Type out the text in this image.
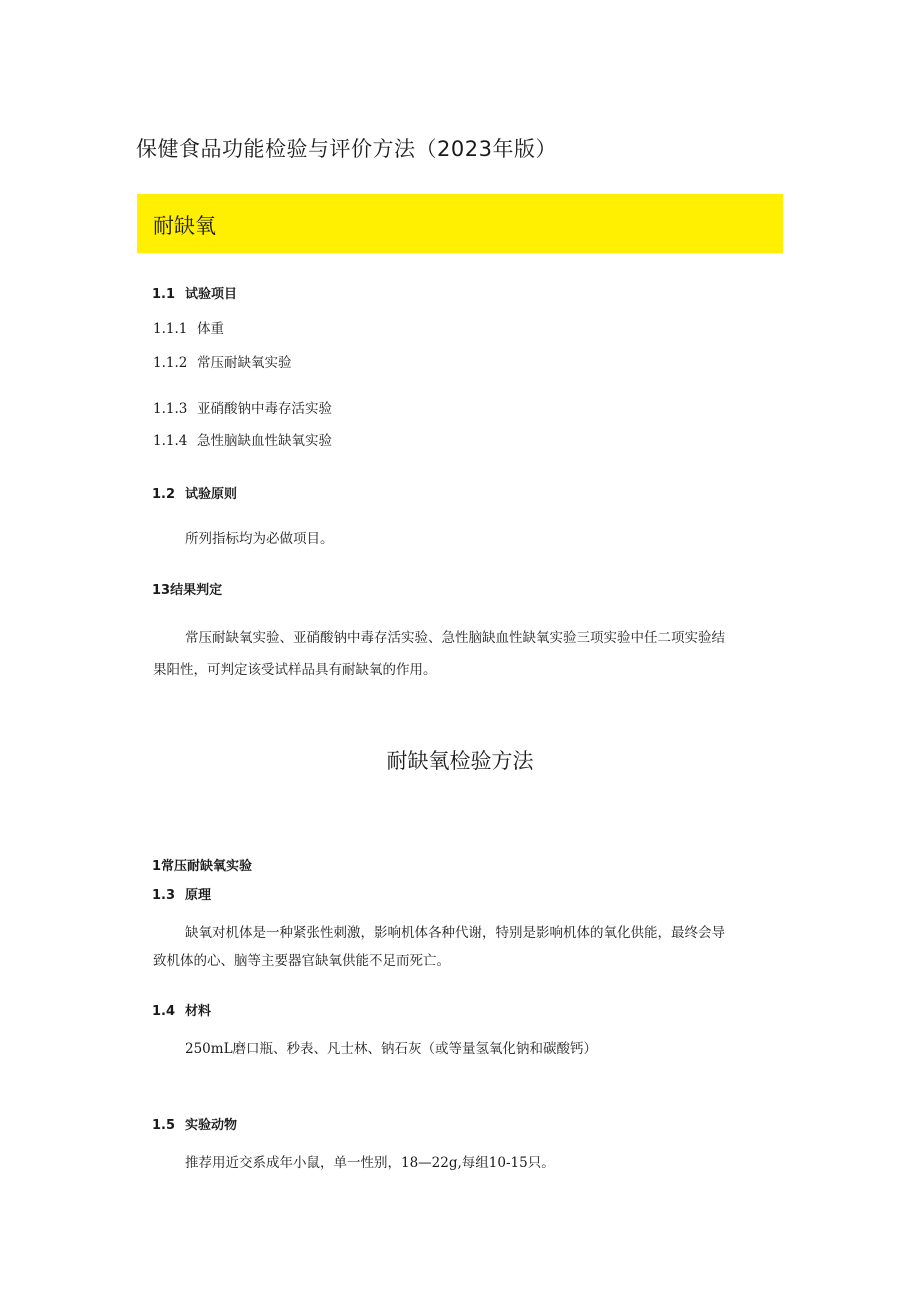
保健食品功能检验与评价方法（2023年版）
耐缺氧
1.1 试验项目
1.1.1 体重
1.1.2 常压耐缺氧实验
1.1.3 亚硝酸钠中毒存活实验
1.1.4 急性脑缺血性缺氧实验
1.2 试验原则
所列指标均为必做项目。
13结果判定
常压耐缺氧实验、亚硝酸钠中毒存活实验、急性脑缺血性缺氧实验三项实验中任二项实验结
果阳性，可判定该受试样品具有耐缺氧的作用。
耐缺氧检验方法
1常压耐缺氧实验
1.3 原理
缺氧对机体是一种紧张性刺激，影响机体各种代谢，特别是影响机体的氧化供能，最终会导
致机体的心、脑等主要器官缺氧供能不足而死亡。
1.4 材料
250mL磨口瓶、秒表、凡士林、钠石灰（或等量氢氧化钠和碳酸钙）
1.5 实验动物
推荐用近交系成年小鼠，单一性别，18—22g,每组10-15只。
